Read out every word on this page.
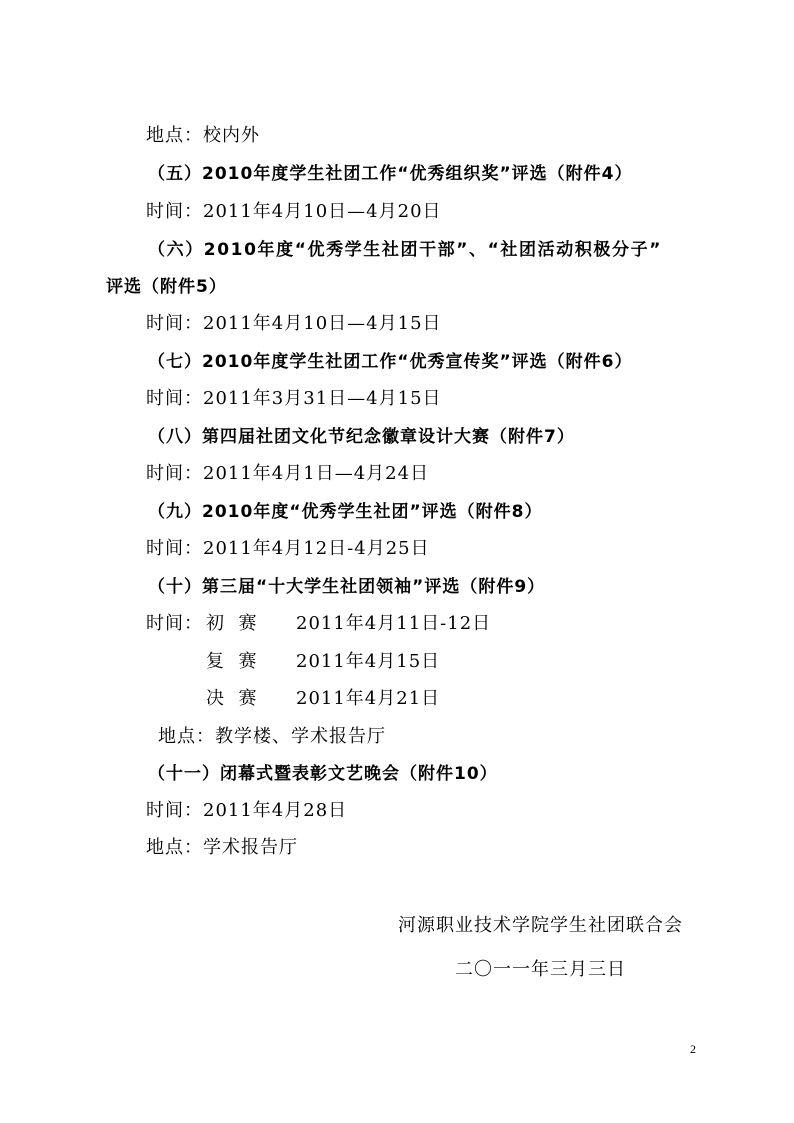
地点：校内外
（五）2010年度学生社团工作“优秀组织奖”评选（附件4）
时间：2011年4月10日—4月20日
（六）2010年度“优秀学生社团干部”、“社团活动积极分子”
评选（附件5）
时间：2011年4月10日—4月15日
（七）2010年度学生社团工作“优秀宣传奖”评选（附件6）
时间：2011年3月31日—4月15日
（八）第四届社团文化节纪念徽章设计大赛（附件7）
时间：2011年4月1日—4月24日
（九）2010年度“优秀学生社团”评选（附件8）
时间：2011年4月12日-4月25日
（十）第三届“十大学生社团领袖”评选（附件9）
时间： 初  赛 2011年4月11日-12日
复  赛 2011年4月15日
决  赛 2011年4月21日
地点：教学楼、学术报告厅
（十一）闭幕式暨表彰文艺晚会（附件10）
时间：2011年4月28日
地点：学术报告厅
河源职业技术学院学生社团联合会
二〇一一年三月三日
2
